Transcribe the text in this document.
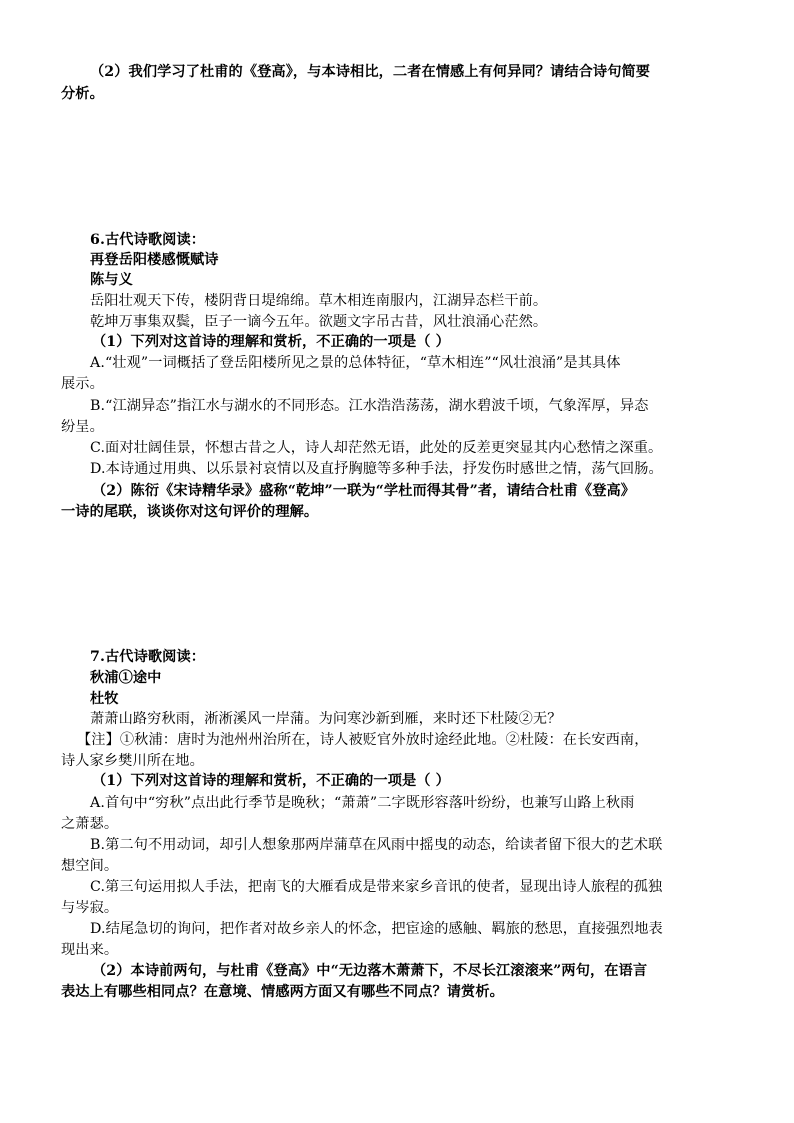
（2）我们学习了杜甫的《登高》，与本诗相比，二者在情感上有何异同？请结合诗句简要
分析。
6.古代诗歌阅读：
再登岳阳楼感慨赋诗
陈与义
岳阳壮观天下传，楼阴背日堤绵绵。草木相连南服内，江湖异态栏干前。
乾坤万事集双鬓，臣子一谪今五年。欲题文字吊古昔，风壮浪涌心茫然。
（1）下列对这首诗的理解和赏析，不正确的一项是（ ）
A.“壮观”一词概括了登岳阳楼所见之景的总体特征，“草木相连”“风壮浪涌”是其具体
展示。
B.“江湖异态”指江水与湖水的不同形态。江水浩浩荡荡，湖水碧波千顷，气象浑厚，异态
纷呈。
C.面对壮阔佳景，怀想古昔之人，诗人却茫然无语，此处的反差更突显其内心愁情之深重。
D.本诗通过用典、以乐景衬哀情以及直抒胸臆等多种手法，抒发伤时感世之情，荡气回肠。
（2）陈衍《宋诗精华录》盛称“乾坤”一联为“学杜而得其骨”者，请结合杜甫《登高》
一诗的尾联，谈谈你对这句评价的理解。
7.古代诗歌阅读：
秋浦①途中
杜牧
萧萧山路穷秋雨，淅淅溪风一岸蒲。为问寒沙新到雁，来时还下杜陵②无？
【注】①秋浦：唐时为池州州治所在，诗人被贬官外放时途经此地。②杜陵：在长安西南，
诗人家乡樊川所在地。
（1）下列对这首诗的理解和赏析，不正确的一项是（ ）
A.首句中“穷秋”点出此行季节是晚秋；“萧萧”二字既形容落叶纷纷，也兼写山路上秋雨
之萧瑟。
B.第二句不用动词，却引人想象那两岸蒲草在风雨中摇曳的动态，给读者留下很大的艺术联
想空间。
C.第三句运用拟人手法，把南飞的大雁看成是带来家乡音讯的使者，显现出诗人旅程的孤独
与岑寂。
D.结尾急切的询问，把作者对故乡亲人的怀念，把宦途的感触、羁旅的愁思，直接强烈地表
现出来。
（2）本诗前两句，与杜甫《登高》中“无边落木萧萧下，不尽长江滚滚来”两句，在语言
表达上有哪些相同点？在意境、情感两方面又有哪些不同点？请赏析。
